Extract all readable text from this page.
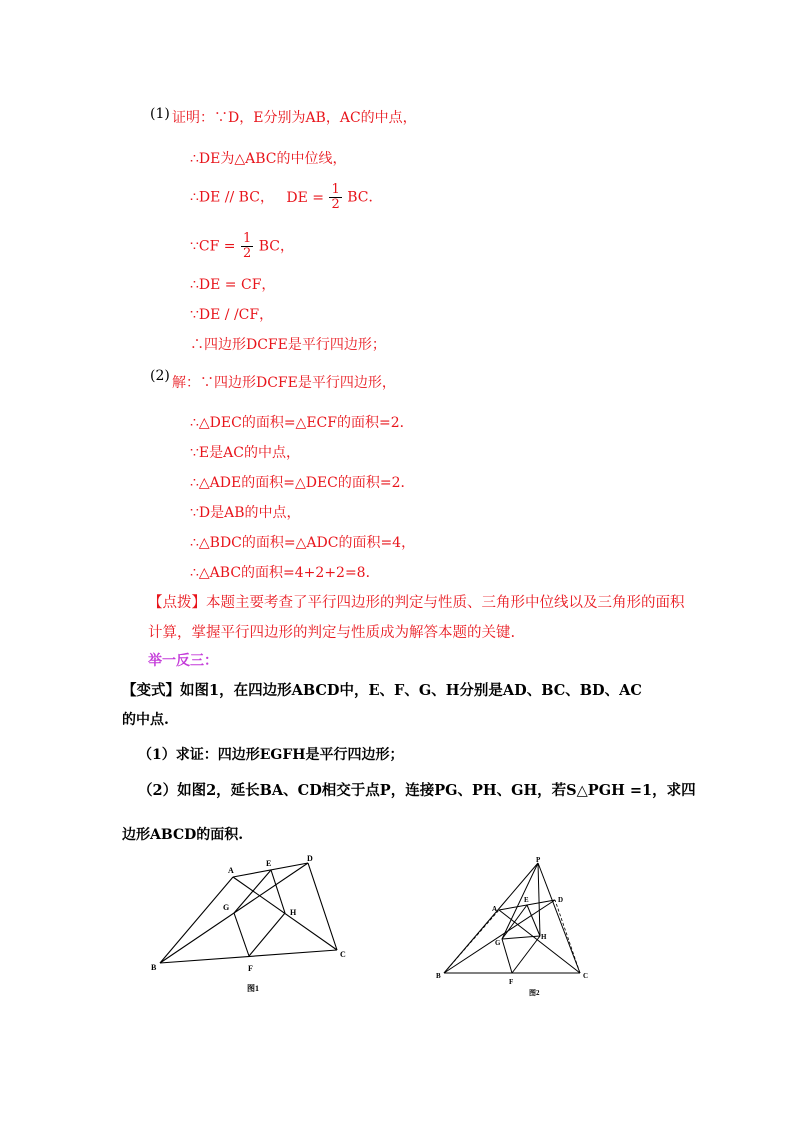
(1) 证明：∵D，E分别为AB，AC的中点，
∴DE为△ABC的中位线，
∴DE // BC， DE = $\frac{1}{2}$ BC．
∵CF = $\frac{1}{2}$ BC，
∴DE = CF，
∵DE / /CF，
∴四边形DCFE是平行四边形；
(2) 解：∵四边形DCFE是平行四边形，
∴△DEC的面积=△ECF的面积=2．
∵E是AC的中点，
∴△ADE的面积=△DEC的面积=2．
∵D是AB的中点，
∴△BDC的面积=△ADC的面积=4，
∴△ABC的面积=4+2+2=8．
【点拨】本题主要考查了平行四边形的判定与性质、三角形中位线以及三角形的面积
计算，掌握平行四边形的判定与性质成为解答本题的关键.
举一反三：
【变式】如图1，在四边形ABCD中，E、F、G、H分别是AD、BC、BD、AC
的中点.
（1）求证：四边形EGFH是平行四边形；
（2）如图2，延长BA、CD相交于点P，连接PG、PH、GH，若S△PGH =1，求四
边形ABCD的面积.
A
B
C
D
E
F
G
H
图1
P
A
B	C
D
E
F
G
H
图2
